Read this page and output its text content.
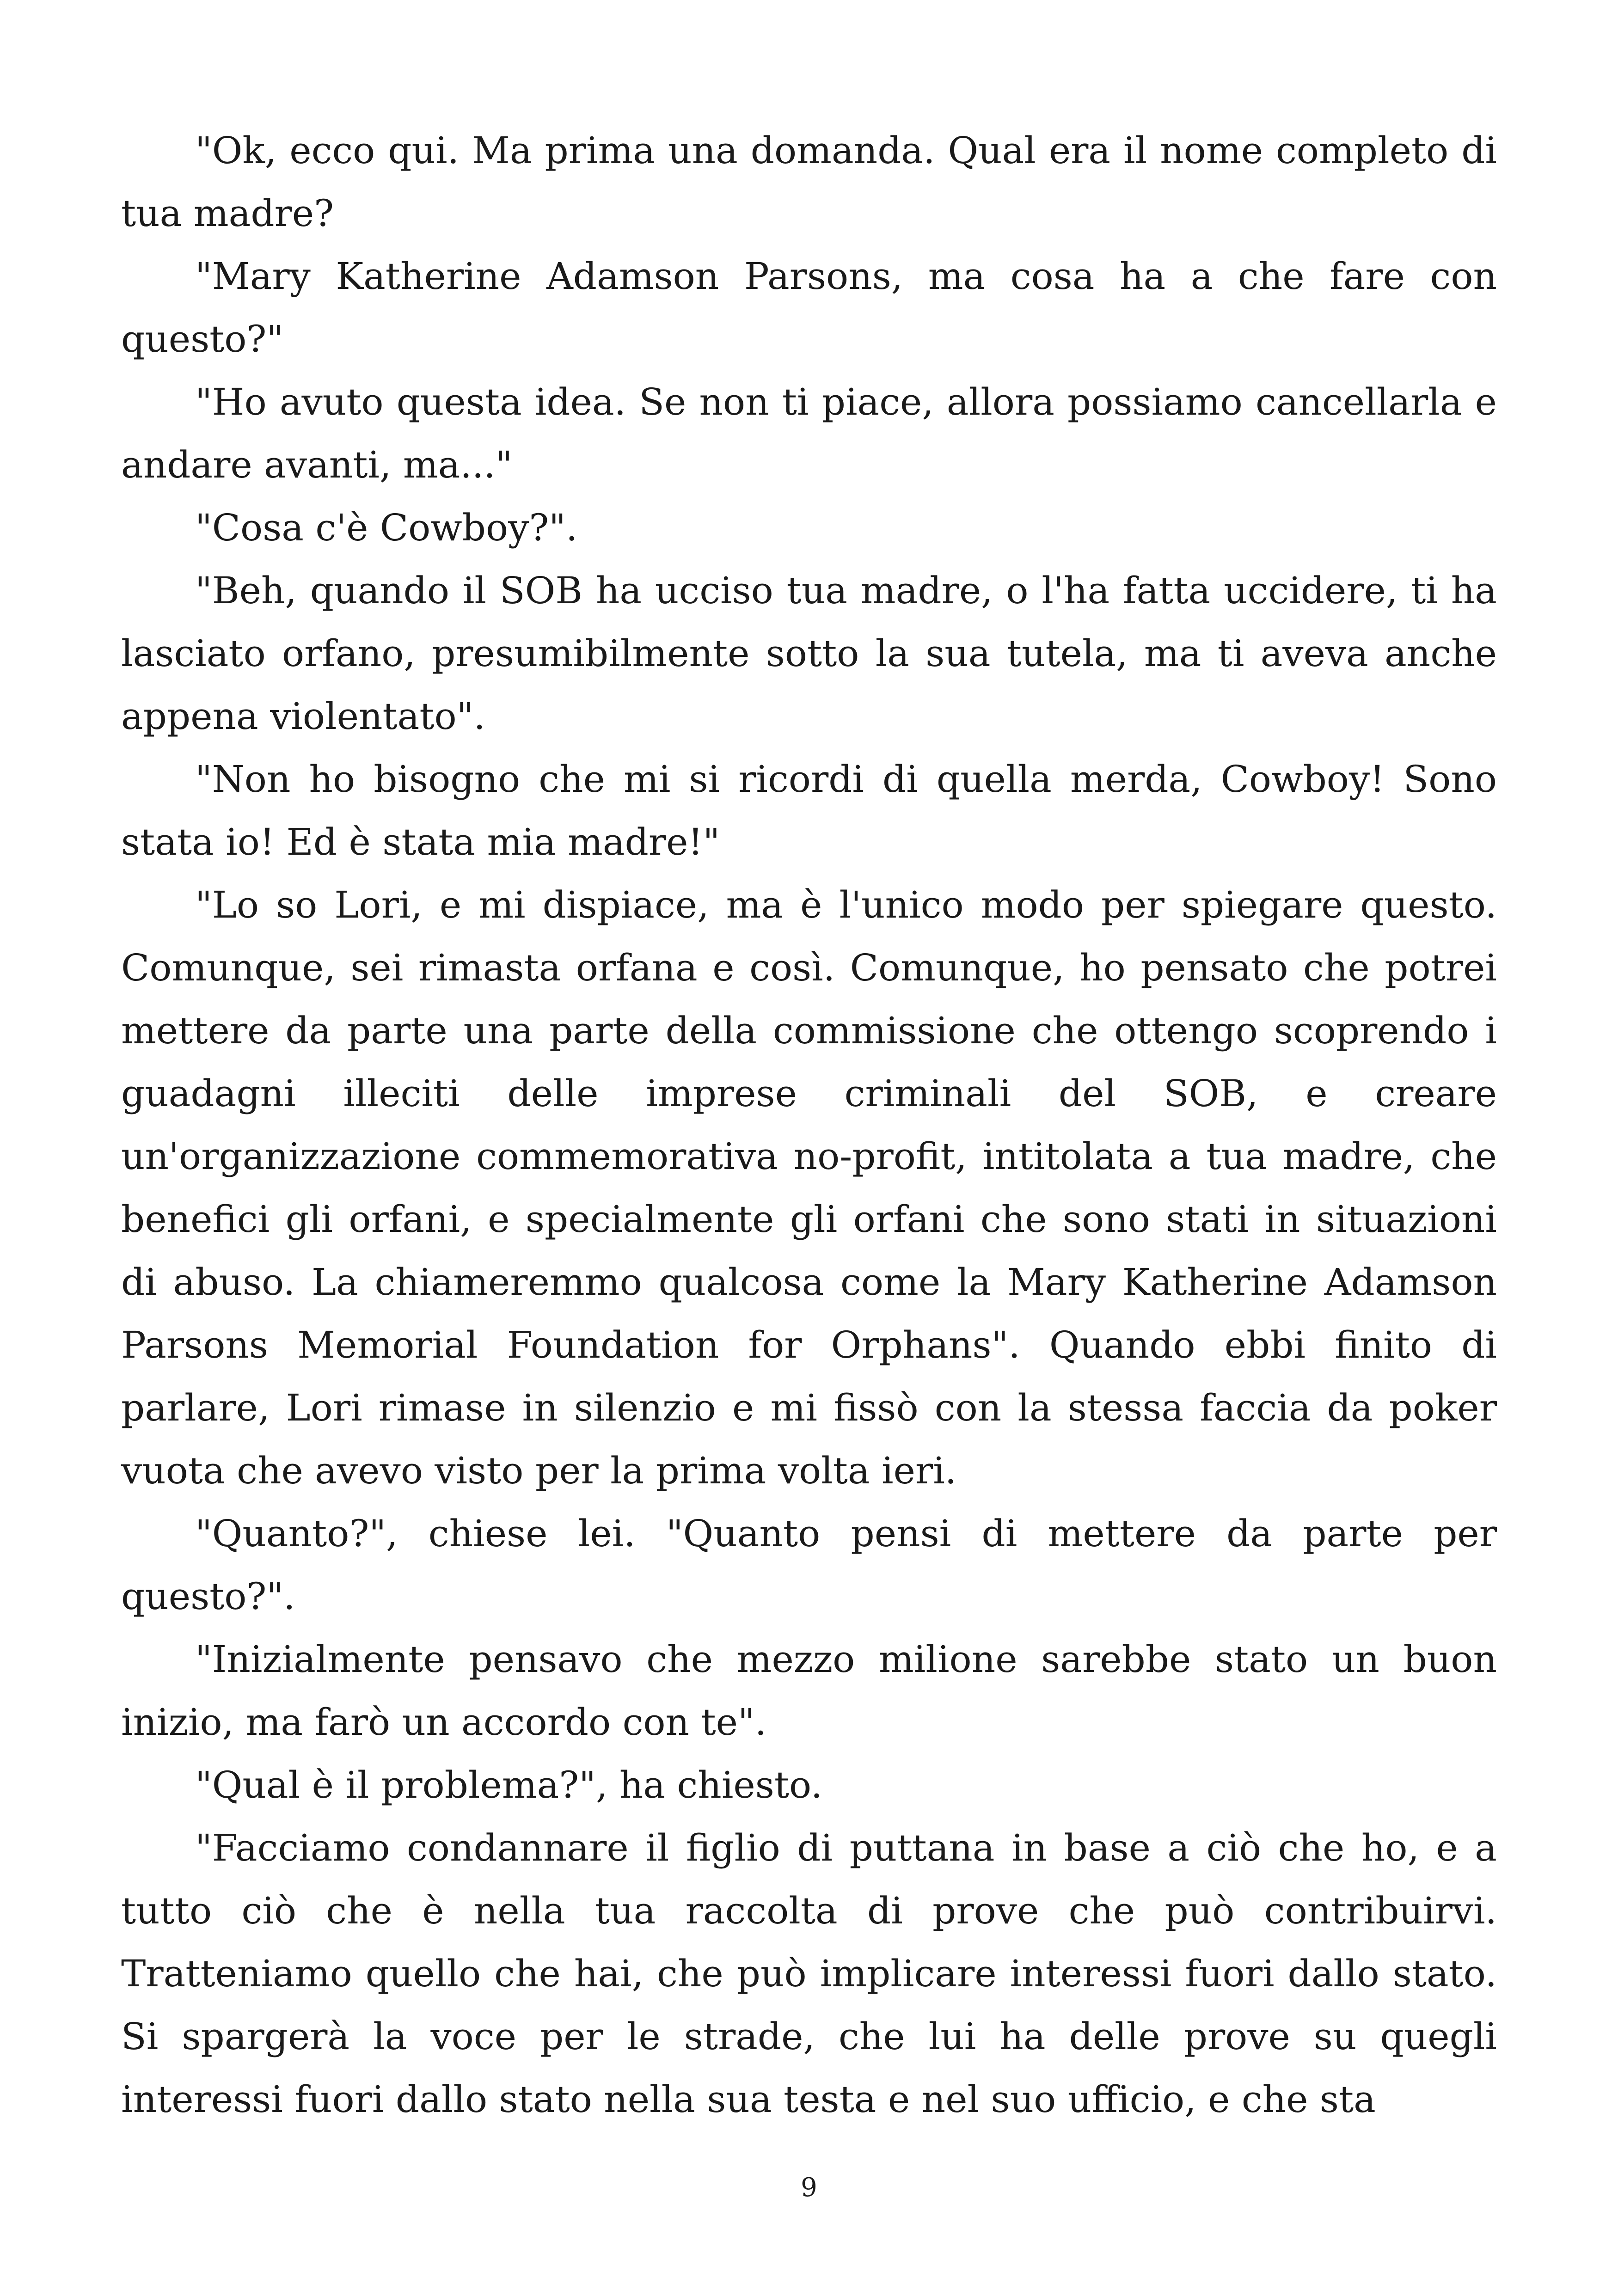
"Ok, ecco qui. Ma prima una domanda. Qual era il nome completo di tua madre?

"Mary Katherine Adamson Parsons, ma cosa ha a che fare con questo?"

"Ho avuto questa idea. Se non ti piace, allora possiamo cancellarla e andare avanti, ma..."

"Cosa c'è Cowboy?".

"Beh, quando il SOB ha ucciso tua madre, o l'ha fatta uccidere, ti ha lasciato orfano, presumibilmente sotto la sua tutela, ma ti aveva anche appena violentato".

"Non ho bisogno che mi si ricordi di quella merda, Cowboy! Sono stata io! Ed è stata mia madre!"

"Lo so Lori, e mi dispiace, ma è l'unico modo per spiegare questo. Comunque, sei rimasta orfana e così. Comunque, ho pensato che potrei mettere da parte una parte della commissione che ottengo scoprendo i guadagni illeciti delle imprese criminali del SOB, e creare un'organizzazione commemorativa no-profit, intitolata a tua madre, che benefici gli orfani, e specialmente gli orfani che sono stati in situazioni di abuso. La chiameremmo qualcosa come la Mary Katherine Adamson Parsons Memorial Foundation for Orphans". Quando ebbi finito di parlare, Lori rimase in silenzio e mi fissò con la stessa faccia da poker vuota che avevo visto per la prima volta ieri.

"Quanto?", chiese lei. "Quanto pensi di mettere da parte per questo?".

"Inizialmente pensavo che mezzo milione sarebbe stato un buon inizio, ma farò un accordo con te".

"Qual è il problema?", ha chiesto.

"Facciamo condannare il figlio di puttana in base a ciò che ho, e a tutto ciò che è nella tua raccolta di prove che può contribuirvi. Tratteniamo quello che hai, che può implicare interessi fuori dallo stato. Si spargerà la voce per le strade, che lui ha delle prove su quegli interessi fuori dallo stato nella sua testa e nel suo ufficio, e che sta

9
